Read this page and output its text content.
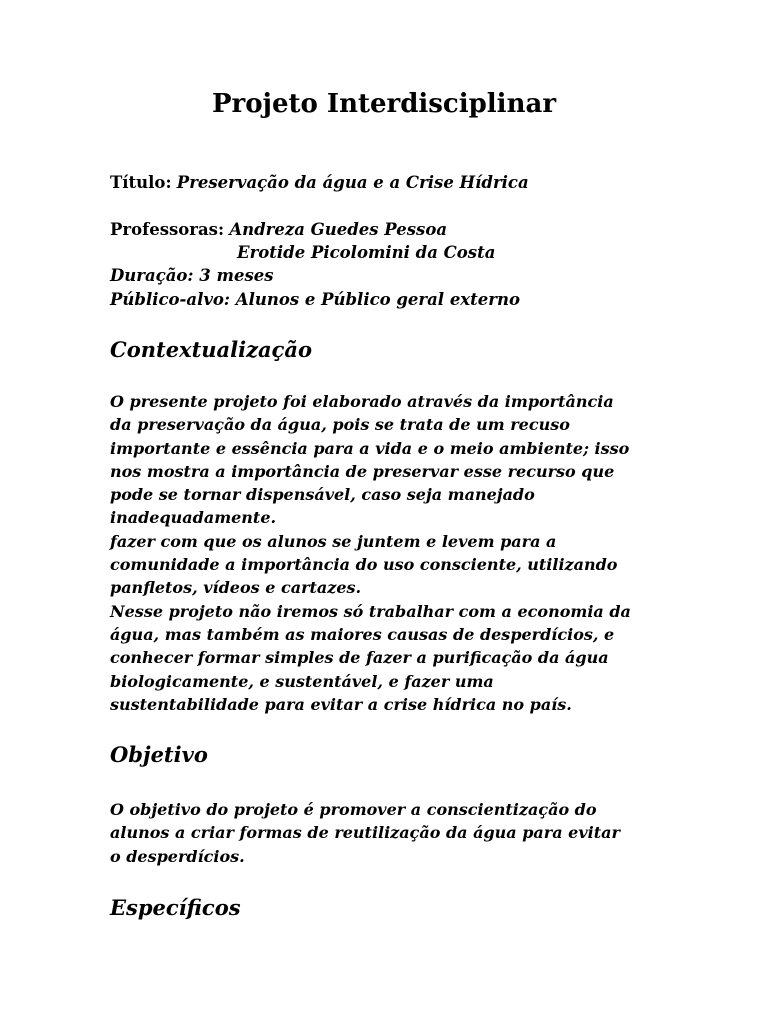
Projeto Interdisciplinar
Título: Preservação da água e a Crise Hídrica
Professoras: Andreza Guedes Pessoa
Erotide Picolomini da Costa
Duração: 3 meses
Público-alvo: Alunos e Público geral externo
Contextualização
O presente projeto foi elaborado através da importância
da preservação da água, pois se trata de um recuso
importante e essência para a vida e o meio ambiente; isso
nos mostra a importância de preservar esse recurso que
pode se tornar dispensável, caso seja manejado
inadequadamente.
fazer com que os alunos se juntem e levem para a
comunidade a importância do uso consciente, utilizando
panfletos, vídeos e cartazes.
Nesse projeto não iremos só trabalhar com a economia da
água, mas também as maiores causas de desperdícios, e
conhecer formar simples de fazer a purificação da água
biologicamente, e sustentável, e fazer uma
sustentabilidade para evitar a crise hídrica no país.
Objetivo
O objetivo do projeto é promover a conscientização do
alunos a criar formas de reutilização da água para evitar
o desperdícios.
Específicos
